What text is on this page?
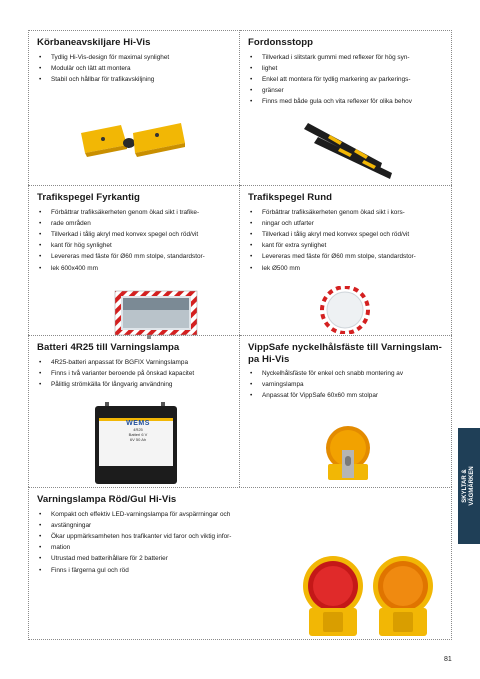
Körbaneavskiljare Hi-Vis
• Tydlig Hi-Vis-design för maximal synlighet
• Modulär och lätt att montera
• Stabil och hållbar för trafikavskiljning
Fordonsstopp
• Tillverkad i slitstark gummi med reflexer för hög syn-
• lighet
• Enkel att montera för tydlig markering av parkerings-
• gränser
• Finns med både gula och vita reflexer för olika behov
Trafikspegel Fyrkantig
• Förbättrar trafiksäkerheten genom ökad sikt i trafike-
• rade områden
• Tillverkad i tålig akryl med konvex spegel och röd/vit
• kant för hög synlighet
• Levereras med fäste för Ø60 mm stolpe, standardstor-
• lek 600x400 mm
Trafikspegel Rund
• Förbättrar trafiksäkerheten genom ökad sikt i kors-
• ningar och utfarter
• Tillverkad i tålig akryl med konvex spegel och röd/vit
• kant för extra synlighet
• Levereras med fäste för Ø60 mm stolpe, standardstor-
• lek Ø500 mm
Batteri 4R25 till Varningslampa
• 4R25-batteri anpassat för BGFIX Varningslampa
• Finns i två varianter beroende på önskad kapacitet
• Pålitlig strömkälla för långvarig användning
WEMS
4R25
Batteri 6 V
6V 50 Ah
VippSafe nyckelhålsfäste till Varningslam-
pa Hi-Vis
• Nyckelhålsfäste för enkel och snabb montering av
• varningslampa
• Anpassat för VippSafe 60x60 mm stolpar
Varningslampa Röd/Gul Hi-Vis
• Kompakt och effektiv LED-varningslampa för avspärrningar och
• avstängningar
• Ökar uppmärksamheten hos trafikanter vid faror och viktig infor-
• mation
• Utrustad med batterihållare för 2 batterier
• Finns i färgerna gul och röd
SKYLTAR & VÄGMÄRKEN
81
